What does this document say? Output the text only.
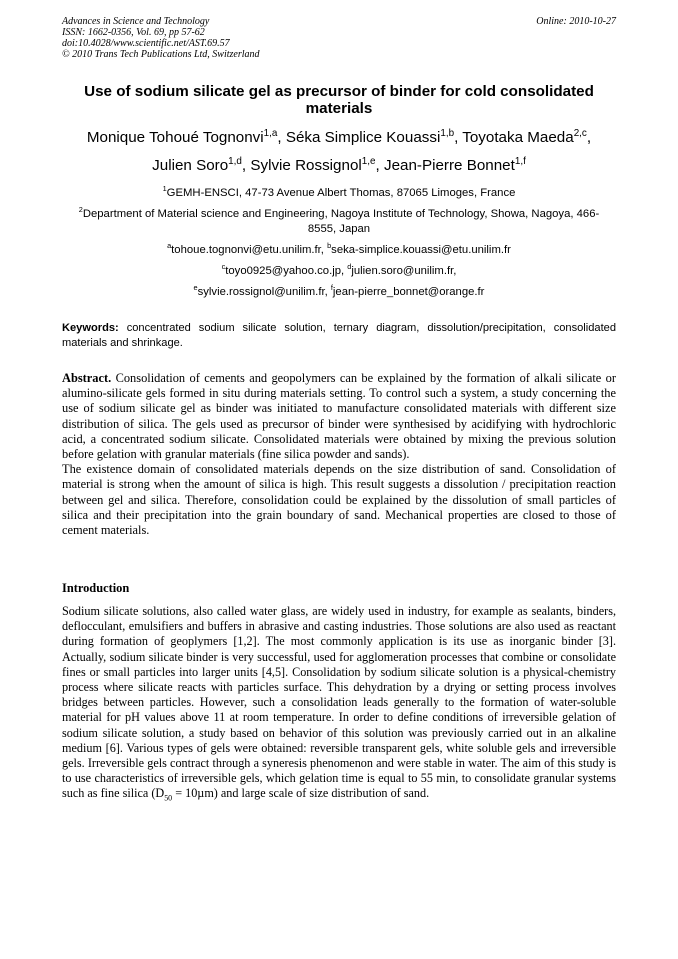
Advances in Science and Technology
ISSN: 1662-0356, Vol. 69, pp 57-62
doi:10.4028/www.scientific.net/AST.69.57
© 2010 Trans Tech Publications Ltd, Switzerland
Online: 2010-10-27
Use of sodium silicate gel as precursor of binder for cold consolidated materials
Monique Tohoué Tognonvi$^{1,a}$, Séka Simplice Kouassi$^{1,b}$, Toyotaka Maeda$^{2,c}$,
Julien Soro$^{1,d}$, Sylvie Rossignol$^{1,e}$, Jean-Pierre Bonnet$^{1,f}$
$^1$GEMH-ENSCI, 47-73 Avenue Albert Thomas, 87065 Limoges, France
$^2$Department of Material science and Engineering, Nagoya Institute of Technology, Showa, Nagoya, 466-8555, Japan
$^a$tohoue.tognonvi@etu.unilim.fr, $^b$seka-simplice.kouassi@etu.unilim.fr
$^c$toyo0925@yahoo.co.jp, $^d$julien.soro@unilim.fr,
$^e$sylvie.rossignol@unilim.fr, $^f$jean-pierre_bonnet@orange.fr
Keywords: concentrated sodium silicate solution, ternary diagram, dissolution/precipitation, consolidated materials and shrinkage.

Abstract. Consolidation of cements and geopolymers can be explained by the formation of alkali silicate or alumino-silicate gels formed in situ during materials setting. To control such a system, a study concerning the use of sodium silicate gel as binder was initiated to manufacture consolidated materials with different size distribution of silica. The gels used as precursor of binder were synthesised by acidifying with hydrochloric acid, a concentrated sodium silicate. Consolidated materials were obtained by mixing the previous solution before gelation with granular materials (fine silica powder and sands).

The existence domain of consolidated materials depends on the size distribution of sand. Consolidation of material is strong when the amount of silica is high. This result suggests a dissolution / precipitation reaction between gel and silica. Therefore, consolidation could be explained by the dissolution of small particles of silica and their precipitation into the grain boundary of sand. Mechanical properties are closed to those of cement materials.

Introduction

Sodium silicate solutions, also called water glass, are widely used in industry, for example as sealants, binders, deflocculant, emulsifiers and buffers in abrasive and casting industries. Those solutions are also used as reactant during formation of geoplymers [1,2]. The most commonly application is its use as inorganic binder [3]. Actually, sodium silicate binder is very successful, used for agglomeration processes that combine or consolidate fines or small particles into larger units [4,5]. Consolidation by sodium silicate solution is a physical-chemistry process where silicate reacts with particles surface. This dehydration by a drying or setting process involves bridges between particles. However, such a consolidation leads generally to the formation of water-soluble material for pH values above 11 at room temperature. In order to define conditions of irreversible gelation of sodium silicate solution, a study based on behavior of this solution was previously carried out in an alkaline medium [6]. Various types of gels were obtained: reversible transparent gels, white soluble gels and irreversible gels. Irreversible gels contract through a syneresis phenomenon and were stable in water. The aim of this study is to use characteristics of irreversible gels, which gelation time is equal to 55 min, to consolidate granular systems such as fine silica $(D_{50} = 10\mu m)$ and large scale of size distribution of sand.
